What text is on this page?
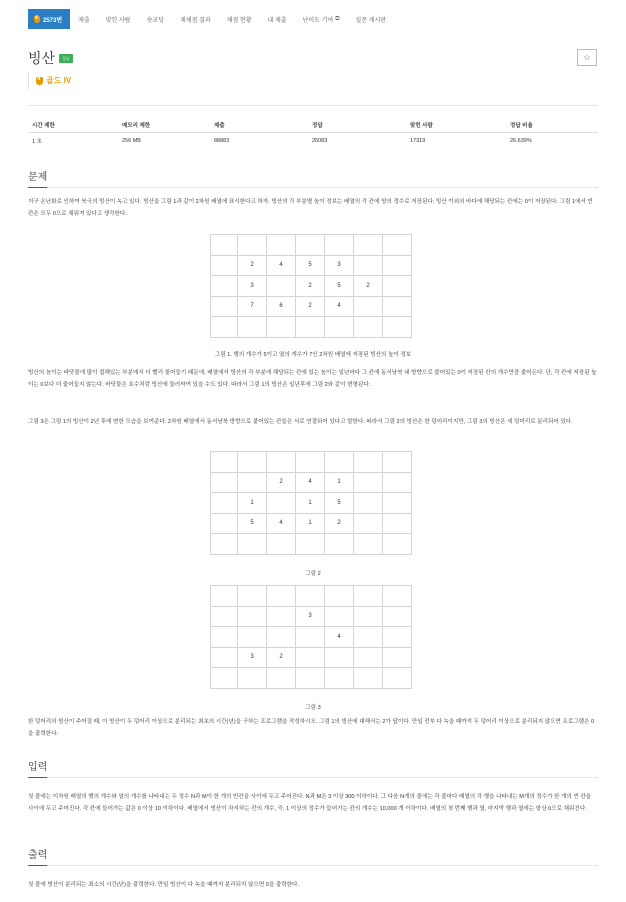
4
2573번	제출	맞힌 사람	숏코딩	재채점 결과	채점 현황	내 제출	난이도 기여 ⧉	질문 게시판
빙산	성공	☆
4 골드 IV
시간 제한	메모리 제한	제출	정답	맞힌 사람	정답 비율
1 초	256 MB	88883	26083	17319	26.639%
문제
지구 온난화로 인하여 북극의 빙산이 녹고 있다. 빙산을 그림 1과 같이 2차원 배열에 표시한다고 하자. 빙산의 각 부분별 높이 정보는 배열의 각 칸에 양의 정수로 저장된다. 빙산 이외의 바다에 해당되는 칸에는 0이 저장된다. 그림 1에서 빈칸은 모두 0으로 채워져 있다고 생각한다.

	2	4	5	3		
	3		2	5	2	
	7	6	2	4		

그림 1. 행의 개수가 5이고 열의 개수가 7인 2차원 배열에 저장된 빙산의 높이 정보
빙산의 높이는 바닷물에 많이 접해있는 부분에서 더 빨리 줄어들기 때문에, 배열에서 빙산의 각 부분에 해당되는 칸에 있는 높이는 일년마다 그 칸에 동서남북 네 방향으로 붙어있는 0이 저장된 칸의 개수만큼 줄어든다. 단, 각 칸에 저장된 높이는 0보다 더 줄어들지 않는다. 바닷물은 호수처럼 빙산에 둘러싸여 있을 수도 있다. 따라서 그림 1의 빙산은 일년후에 그림 2와 같이 변형된다.
그림 3은 그림 1의 빙산이 2년 후에 변한 모습을 보여준다. 2차원 배열에서 동서남북 방향으로 붙어있는 칸들은 서로 연결되어 있다고 말한다. 따라서 그림 2의 빙산은 한 덩어리이지만, 그림 3의 빙산은 세 덩어리로 분리되어 있다.

		2	4	1		
	1		1	5		
	5	4	1	2		

그림 2

			3			
				4		
	3	2				

그림 3
한 덩어리의 빙산이 주어질 때, 이 빙산이 두 덩어리 이상으로 분리되는 최초의 시간(년)을 구하는 프로그램을 작성하시오. 그림 1의 빙산에 대해서는 2가 답이다. 만일 전부 다 녹을 때까지 두 덩어리 이상으로 분리되지 않으면 프로그램은 0을 출력한다.
입력
첫 줄에는 이차원 배열의 행의 개수와 열의 개수를 나타내는 두 정수 N과 M이 한 개의 빈칸을 사이에 두고 주어진다. N과 M은 3 이상 300 이하이다. 그 다음 N개의 줄에는 각 줄마다 배열의 각 행을 나타내는 M개의 정수가 한 개의 빈 칸을 사이에 두고 주어진다. 각 칸에 들어가는 값은 0 이상 10 이하이다. 배열에서 빙산이 차지하는 칸의 개수, 즉, 1 이상의 정수가 들어가는 칸의 개수는 10,000 개 이하이다. 배열의 첫 번째 행과 열, 마지막 행과 열에는 항상 0으로 채워진다.
출력
첫 줄에 빙산이 분리되는 최소의 시간(년)을 출력한다. 만일 빙산이 다 녹을 때까지 분리되지 않으면 0을 출력한다.
